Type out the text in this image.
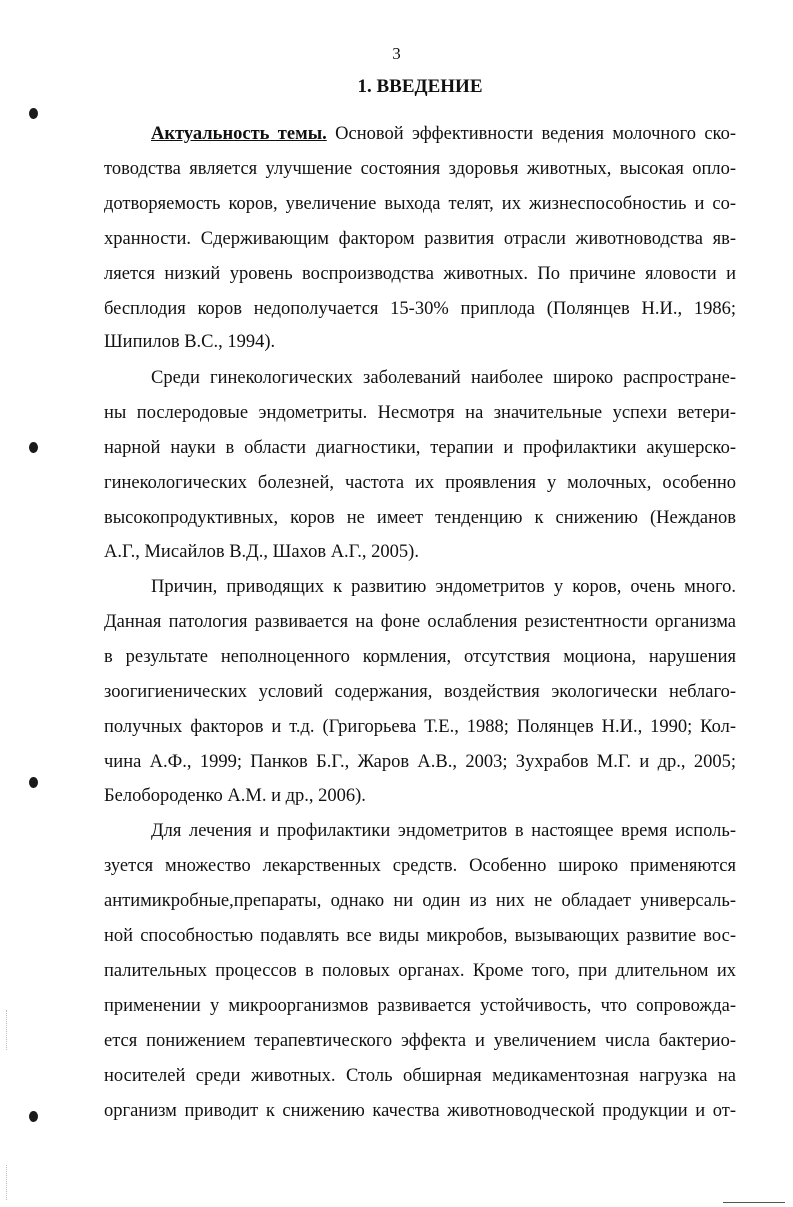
3
1. ВВЕДЕНИЕ
Актуальность темы. Основой эффективности ведения молочного ско-
товодства является улучшение состояния здоровья животных, высокая опло-
дотворяемость коров, увеличение выхода телят, их жизнеспособностиь и со-
хранности. Сдерживающим фактором развития отрасли животноводства яв-
ляется низкий уровень воспроизводства животных. По причине яловости и
бесплодия коров недополучается 15-30% приплода (Полянцев Н.И., 1986;
Шипилов В.С., 1994).
Среди гинекологических заболеваний наиболее широко распростране-
ны послеродовые эндометриты. Несмотря на значительные успехи ветери-
нарной науки в области диагностики, терапии и профилактики акушерско-
гинекологических болезней, частота их проявления у молочных, особенно
высокопродуктивных, коров не имеет тенденцию к снижению (Нежданов
А.Г., Мисайлов В.Д., Шахов А.Г., 2005).
Причин, приводящих к развитию эндометритов у коров, очень много.
Данная патология развивается на фоне ослабления резистентности организма
в результате неполноценного кормления, отсутствия моциона, нарушения
зоогигиенических условий содержания, воздействия экологически неблаго-
получных факторов и т.д. (Григорьева Т.Е., 1988; Полянцев Н.И., 1990; Кол-
чина А.Ф., 1999; Панков Б.Г., Жаров А.В., 2003; Зухрабов М.Г. и др., 2005;
Белобороденко А.М. и др., 2006).
Для лечения и профилактики эндометритов в настоящее время исполь-
зуется множество лекарственных средств. Особенно широко применяются
антимикробные,препараты, однако ни один из них не обладает универсаль-
ной способностью подавлять все виды микробов, вызывающих развитие вос-
палительных процессов в половых органах. Кроме того, при длительном их
применении у микроорганизмов развивается устойчивость, что сопровожда-
ется понижением терапевтического эффекта и увеличением числа бактерио-
носителей среди животных. Столь обширная медикаментозная нагрузка на
организм приводит к снижению качества животноводческой продукции и от-
